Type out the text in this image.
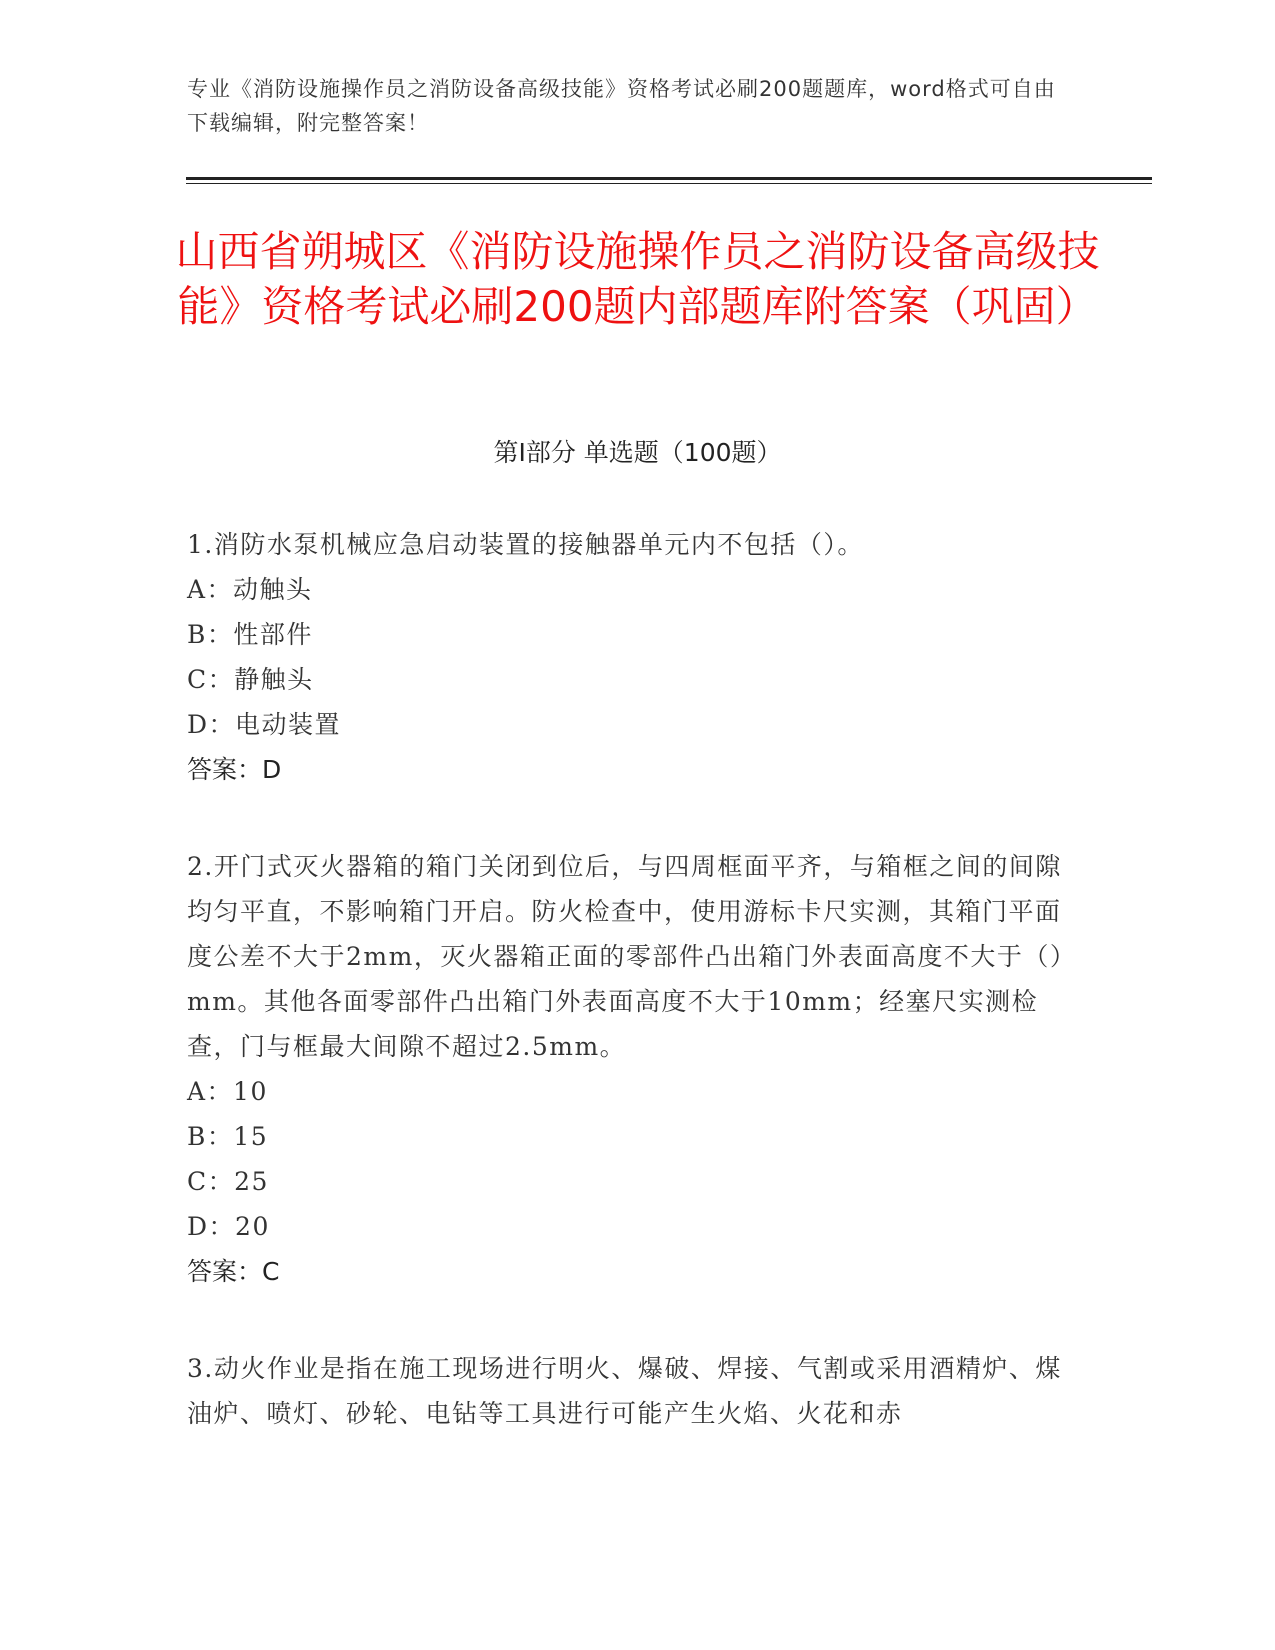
专业《消防设施操作员之消防设备高级技能》资格考试必刷200题题库，word格式可自由下载编辑，附完整答案！
山西省朔城区《消防设施操作员之消防设备高级技能》资格考试必刷200题内部题库附答案（巩固）
第Ⅰ部分 单选题（100题）

1.消防水泵机械应急启动装置的接触器单元内不包括（）。

A：动触头

B：性部件

C：静触头

D：电动装置

答案：D

2.开门式灭火器箱的箱门关闭到位后，与四周框面平齐，与箱框之间的间隙均匀平直，不影响箱门开启。防火检查中，使用游标卡尺实测，其箱门平面度公差不大于2mm，灭火器箱正面的零部件凸出箱门外表面高度不大于（）mm。其他各面零部件凸出箱门外表面高度不大于10mm；经塞尺实测检查，门与框最大间隙不超过2.5mm。

A：10

B：15

C：25

D：20

答案：C

3.动火作业是指在施工现场进行明火、爆破、焊接、气割或采用酒精炉、煤油炉、喷灯、砂轮、电钻等工具进行可能产生火焰、火花和赤
